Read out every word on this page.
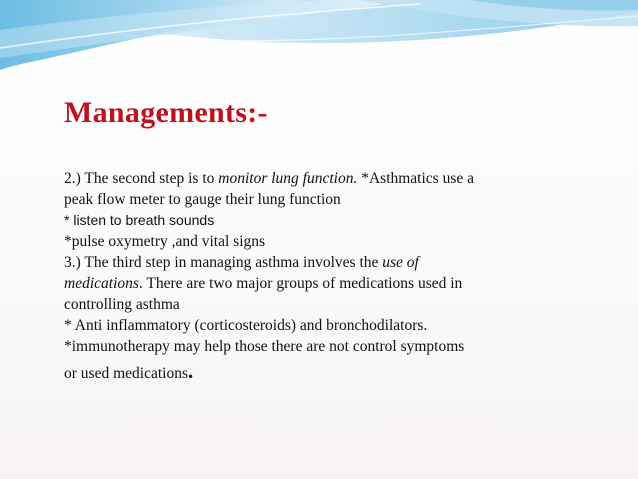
Managements:-
2.) The second step is to monitor lung function. *Asthmatics use a
peak flow meter to gauge their lung function
* listen to breath sounds
*pulse oxymetry ,and vital signs
3.) The third step in managing asthma involves the use of
medications. There are two major groups of medications used in
controlling asthma
* Anti inflammatory (corticosteroids) and bronchodilators.
*immunotherapy may help those there are not control symptoms
or used medications.
